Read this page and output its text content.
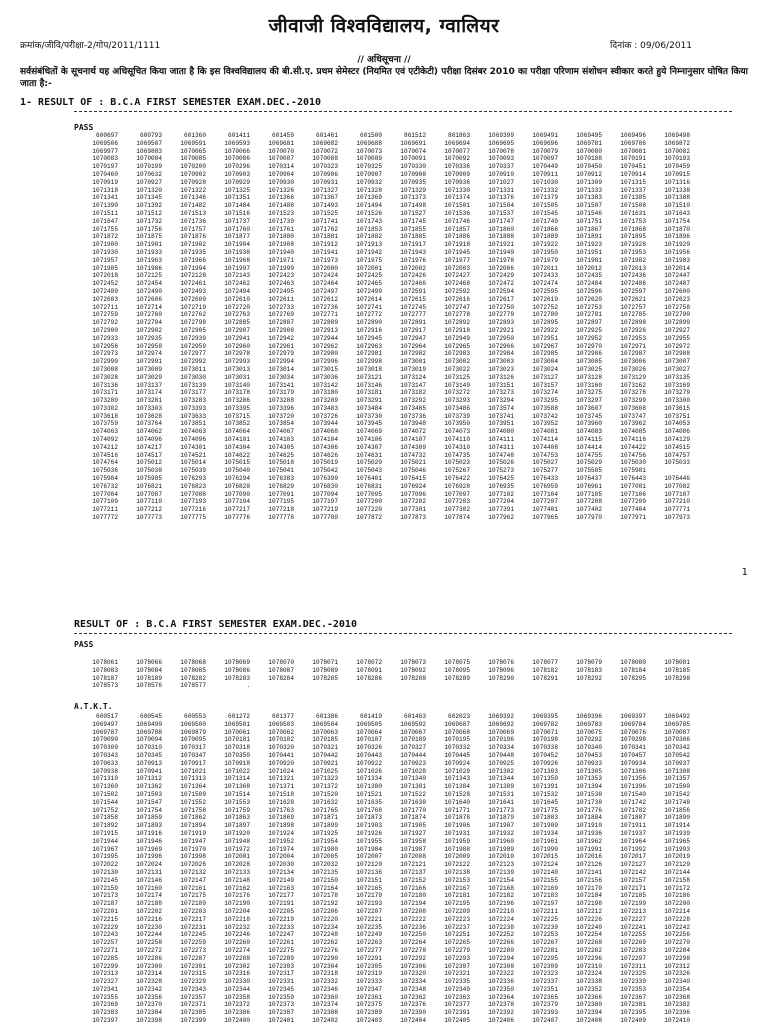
जीवाजी विश्वविद्यालय, ग्वालियर
क्रमांक/जीवि/परीक्षा-2/गोप/2011/1111	दिनांक : 09/06/2011
// अधिसूचना //
सर्वसंबंधितों के सूचनार्थ यह अधिसूचित किया जाता है कि इस विश्वविद्यालय की बी.सी.ए. प्रथम सेमेस्टर (नियमित एवं एटीकेटी) परीक्षा दिसंबर 2010 का परीक्षा परिणाम संशोधन स्वीकार करते हुये निम्नानुसार घोषित किया जाता है:-
1- RESULT OF : B.C.A FIRST SEMESTER EXAM.DEC.-2010
PASS
600697	600793	601360	601411	601459	601461	601500	861512	861863	1069399	1069491	1069495	1069496	1069498
1069506	1069507	1069591	1069593	1069681	1069682	1069688	1069691	1069694	1069695	1069696	1069781	1069786	1069872
1069977	1069883	1070065	1070066	1070070	1070072	1070073	1070074	1070077	1070078	1070079	1070080	1070081	1070082
1070083	1070084	1070085	1070086	1070087	1070088	1070089	1070091	1070092	1070093	1070097	1070188	1070191	1070193
1070197	1070199	1070200	1070296	1070314	1070323	1070325	1070330	1070336	1070337	1070449	1070450	1070451	1070459
1070460	1070632	1070902	1070903	1070904	1070906	1070907	1070908	1070909	1070910	1070911	1070912	1070914	1070915
1070919	1070927	1070928	1070929	1070930	1070931	1070932	1070935	1070936	1071027	1071030	1071309	1071315	1071316
1071318	1071320	1071322	1071325	1071326	1071327	1071328	1071329	1071330	1071331	1071332	1071333	1071337	1071338
1071341	1071345	1071346	1071351	1071366	1071367	1071369	1071373	1071374	1071376	1071379	1071383	1071385	1071388
1071390	1071392	1071482	1071484	1071488	1071493	1071494	1071498	1071501	1071504	1071505	1071507	1071508	1071510
1071511	1071512	1071513	1071516	1071523	1071525	1071526	1071527	1071536	1071537	1071545	1071546	1071631	1071643
1071647	1071732	1071736	1071737	1071739	1071741	1071743	1071745	1071746	1071747	1071749	1071751	1071753	1071754
1071755	1071756	1071757	1071760	1071761	1071762	1071853	1071855	1071857	1071860	1071866	1071867	1071868	1071870
1071872	1071875	1071876	1071877	1071880	1071881	1071882	1071885	1071886	1071888	1071889	1071891	1071895	1071896
1071900	1071901	1071902	1071904	1071908	1071912	1071913	1071917	1071918	1071921	1071922	1071923	1071928	1071929
1071930	1071933	1071935	1071938	1071940	1071941	1071942	1071943	1071945	1071949	1071950	1071951	1071953	1071956
1071957	1071963	1071966	1071968	1071971	1071973	1071975	1071976	1071977	1071978	1071979	1071981	1071982	1071983
1071985	1071986	1071994	1071997	1071999	1072000	1072001	1072002	1072003	1072006	1072011	1072012	1072013	1072014
1072018	1072125	1072128	1072143	1072423	1072424	1072425	1072426	1072427	1072429	1072433	1072435	1072436	1072447
1072452	1072454	1072461	1072462	1072463	1072464	1072465	1072466	1072468	1072472	1072474	1072484	1072486	1072487
1072489	1072490	1072493	1072494	1072495	1072497	1072499	1072591	1072592	1072594	1072595	1072596	1072597	1072600
1072603	1072606	1072609	1072610	1072611	1072612	1072614	1072615	1072616	1072617	1072619	1072620	1072621	1072623
1072711	1072714	1072719	1072720	1072733	1072736	1072741	1072745	1072747	1072750	1072752	1072753	1072757	1072758
1072759	1072760	1072762	1072763	1072769	1072771	1072772	1072777	1072778	1072779	1072780	1072781	1072785	1072790
1072792	1072794	1072798	1072885	1072887	1072889	1072890	1072891	1072892	1072893	1072895	1072897	1072898	1072899
1072900	1072902	1072905	1072907	1072908	1072913	1072916	1072917	1072918	1072921	1072922	1072925	1072926	1072927
1072933	1072935	1072939	1072941	1072942	1072944	1072945	1072947	1072949	1072950	1072951	1072952	1072953	1072955
1072956	1072958	1072959	1072960	1072961	1072962	1072963	1072964	1072965	1072966	1072967	1072970	1072971	1072972
1072973	1072974	1072977	1072978	1072979	1072980	1072981	1072982	1072983	1072984	1072985	1072986	1072987	1072988
1072990	1072991	1072992	1072993	1072994	1072996	1072998	1073001	1073002	1073003	1073004	1073005	1073006	1073007
1073008	1073009	1073011	1073013	1073014	1073015	1073018	1073019	1073022	1073023	1073024	1073025	1073026	1073027
1073028	1073029	1073030	1073031	1073034	1073036	1073121	1073124	1073125	1073126	1073127	1073128	1073129	1073135
1073136	1073137	1073139	1073140	1073141	1073142	1073146	1073147	1073149	1073151	1073157	1073160	1073162	1073169
1073171	1073174	1073177	1073178	1073179	1073180	1073181	1073182	1073272	1073273	1073274	1073275	1073276	1073279
1073280	1073281	1073283	1073286	1073288	1073289	1073291	1073292	1073293	1073294	1073295	1073297	1073299	1073300
1073302	1073303	1073393	1073395	1073396	1073483	1073484	1073485	1073486	1073574	1073588	1073607	1073608	1073615
1073618	1073628	1073633	1073715	1073720	1073726	1073730	1073736	1073739	1073741	1073742	1073745	1073747	1073751
1073759	1073764	1073851	1073852	1073854	1073944	1073945	1073948	1073950	1073951	1073952	1073960	1073962	1074053
1074063	1074062	1074063	1074064	1074067	1074068	1074069	1074072	1074073	1074080	1074081	1074083	1074085	1074086
1074092	1074096	1074096	1074101	1074103	1074104	1074106	1074107	1074110	1074111	1074114	1074115	1074116	1074129
1074212	1074217	1074301	1074304	1074305	1074306	1074307	1074309	1074310	1074311	1074408	1074414	1074422	1074515
1074516	1074517	1074521	1074622	1074625	1074626	1074631	1074732	1074735	1074748	1074753	1074755	1074756	1074757
1074764	1075012	1075014	1075015	1075018	1075019	1075020	1075021	1075023	1075026	1075027	1075029	1075030	1075033
1075036	1075038	1075039	1075040	1075041	1075042	1075043	1075046	1075267	1075273	1075277	1075585	1075981
1075984	1075985	1076293	1076294	1076383	1076399	1076401	1076415	1076422	1076425	1076433	1076437	1076443	1076446
1076732	1076821	1076823	1076828	1076829	1076830	1076831	1076924	1076928	1076935	1076959	1076961	1077081	1077082
1077084	1077087	1077088	1077090	1077091	1077094	1077095	1077096	1077097	1077102	1077104	1077105	1077106	1077107
1077109	1077110	1077193	1077194	1077195	1077197	1077200	1077202	1077203	1077204	1077207	1077208	1077209	1077210
1077211	1077212	1077216	1077217	1077218	1077219	1077220	1077301	1077302	1077391	1077401	1077402	1077404	1077771
1077772	1077773	1077775	1077776	1077778	1077780	1077872	1077873	1077874	1077962	1077965	1077970	1077971	1077973
1
RESULT OF : B.C.A FIRST SEMESTER EXAM.DEC.-2010
PASS
1078061	1078066	1078068	1078069	1078070	1078071	1078072	1078073	1078075	1078076	1078077	1078079	1078080	1078081
1078083	1078084	1078085	1078086	1078087	1078089	1078091	1078092	1078095	1078096	1078182	1078183	1078184	1078185
1078187	1078189	1078282	1078283	1078284	1078285	1078286	1078288	1078289	1078290	1078291	1078292	1078295	1078298
1078573	1078576	1078577	.
A.T.K.T.
600517	600545	600553	601272	601377	601386	601419	601463	602023	1069392	1069395	1069396	1069397	1069492
1069497	1069499	1069500	1069501	1069503	1069504	1069505	1069592	1069687	1069692	1069782	1069783	1069784	1069785
1069787	1069788	1069879	1070061	1070062	1070063	1070064	1070067	1070068	1070069	1070071	1070075	1070076	1070087
1070090	1070094	1070095	1070181	1070182	1070185	1070187	1070189	1070195	1070196	1070198	1070292	1070298	1070306
1070309	1070310	1070317	1070318	1070320	1070321	1070326	1070327	1070332	1070334	1070338	1070340	1070341	1070342
1070343	1070345	1070347	1070350	1070441	1070442	1070443	1070444	1070445	1070448	1070452	1070453	1070457	1070542
1070633	1070913	1070917	1070918	1070920	1070921	1070922	1070923	1070924	1070925	1070926	1070933	1070934	1070937
1070938	1070941	1071021	1071022	1071024	1071025	1071026	1071028	1071029	1071302	1071303	1071305	1071306	1071308
1071310	1071312	1071313	1071314	1071321	1071323	1071334	1071340	1071343	1071344	1071350	1071353	1071356	1071357
1071360	1071362	1071364	1071368	1071371	1071372	1071380	1071381	1071384	1071389	1071391	1071394	1071396	1071500
1071502	1071503	1071509	1071514	1071518	1071520	1071521	1071522	1071528	1071531	1071532	1071538	1071540	1071542
1071544	1071547	1071552	1071553	1071628	1071632	1071635	1071638	1071640	1071641	1071645	1071738	1071742	1071748
1071752	1071754	1071758	1071759	1071763	1071765	1071768	1071770	1071771	1071773	1071775	1071776	1071782	1071856
1071858	1071859	1071862	1071863	1071869	1071871	1071873	1071874	1071878	1071879	1071883	1071884	1071887	1071890
1071892	1071893	1071894	1071897	1071898	1071899	1071903	1071905	1071906	1071907	1071909	1071910	1071911	1071914
1071915	1071916	1071919	1071920	1071924	1071925	1071926	1071927	1071931	1071932	1071934	1071936	1071937	1071939
1071944	1071946	1071947	1071948	1071952	1071954	1071955	1071958	1071959	1071960	1071961	1071962	1071964	1071965
1071967	1071969	1071970	1071972	1071974	1071980	1071984	1071987	1071988	1071989	1071990	1071991	1071992	1071993
1071995	1071996	1071998	1072001	1072004	1072005	1072007	1072008	1072009	1072010	1072015	1072016	1072017	1072019
1072022	1072024	1072026	1072028	1072030	1072032	1072120	1072121	1072122	1072123	1072124	1072126	1072127	1072129
1072130	1072131	1072132	1072133	1072134	1072135	1072136	1072137	1072138	1072139	1072140	1072141	1072142	1072144
1072145	1072146	1072147	1072148	1072149	1072150	1072151	1072152	1072153	1072154	1072155	1072156	1072157	1072158
1072159	1072160	1072161	1072162	1072163	1072164	1072165	1072166	1072167	1072168	1072169	1072170	1072171	1072172
1072173	1072174	1072175	1072176	1072177	1072178	1072179	1072180	1072181	1072182	1072183	1072184	1072185	1072186
1072187	1072188	1072189	1072190	1072191	1072192	1072193	1072194	1072195	1072196	1072197	1072198	1072199	1072200
1072201	1072202	1072203	1072204	1072205	1072206	1072207	1072208	1072209	1072210	1072211	1072212	1072213	1072214
1072215	1072216	1072217	1072218	1072219	1072220	1072221	1072222	1072223	1072224	1072225	1072226	1072227	1072228
1072229	1072230	1072231	1072232	1072233	1072234	1072235	1072236	1072237	1072238	1072239	1072240	1072241	1072242
1072243	1072244	1072245	1072246	1072247	1072248	1072249	1072250	1072251	1072252	1072253	1072254	1072255	1072256
1072257	1072258	1072259	1072260	1072261	1072262	1072263	1072264	1072265	1072266	1072267	1072268	1072269	1072270
1072271	1072272	1072273	1072274	1072275	1072276	1072277	1072278	1072279	1072280	1072281	1072282	1072283	1072284
1072285	1072286	1072287	1072288	1072289	1072290	1072291	1072292	1072293	1072294	1072295	1072296	1072297	1072298
1072299	1072300	1072301	1072302	1072303	1072304	1072305	1072306	1072307	1072308	1072309	1072310	1072311	1072312
1072313	1072314	1072315	1072316	1072317	1072318	1072319	1072320	1072321	1072322	1072323	1072324	1072325	1072326
1072327	1072328	1072329	1072330	1072331	1072332	1072333	1072334	1072335	1072336	1072337	1072338	1072339	1072340
1072341	1072342	1072343	1072344	1072345	1072346	1072347	1072348	1072349	1072350	1072351	1072352	1072353	1072354
1072355	1072356	1072357	1072358	1072359	1072360	1072361	1072362	1072363	1072364	1072365	1072366	1072367	1072368
1072369	1072370	1072371	1072372	1072373	1072374	1072375	1072376	1072377	1072378	1072379	1072380	1072381	1072382
1072383	1072384	1072385	1072386	1072387	1072388	1072389	1072390	1072391	1072392	1072393	1072394	1072395	1072396
1072397	1072398	1072399	1072400	1072401	1072402	1072403	1072404	1072405	1072406	1072407	1072408	1072409	1072410
